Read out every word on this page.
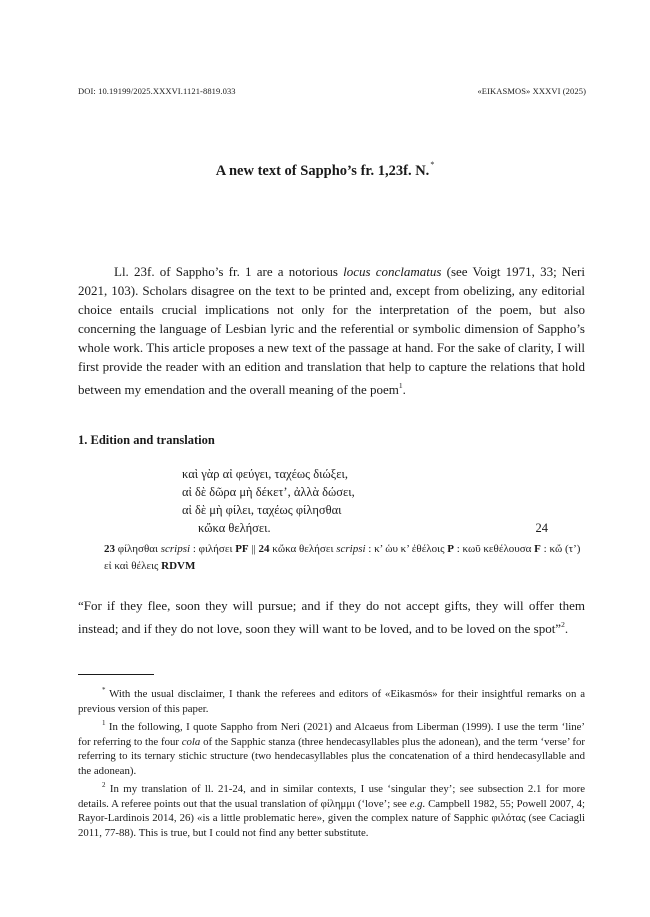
DOI: 10.19199/2025.XXXVI.1121-8819.033	«EIKASMOS» XXXVI (2025)
A new text of Sappho’s fr. 1,23f. N.*

Ll. 23f. of Sappho’s fr. 1 are a notorious locus conclamatus (see Voigt 1971, 33; Neri 2021, 103). Scholars disagree on the text to be printed and, except from obelizing, any editorial choice entails crucial implications not only for the interpretation of the poem, but also concerning the language of Lesbian lyric and the referential or symbolic dimension of Sappho’s whole work. This article proposes a new text of the passage at hand. For the sake of clarity, I will first provide the reader with an edition and translation that help to capture the relations that hold between my emendation and the overall meaning of the poem$^1$.

1. Edition and translation
καὶ γὰρ αἰ φεύγει, ταχέως διώξει,
αἰ δὲ δῶρα μὴ δέκετ’, ἀλλὰ δώσει,
αἰ δὲ μὴ φίλει, ταχέως φίλησθαι
κὤκα θελήσει.	24

23 φίλησθαι scripsi : φιλήσει PF || 24 κὤκα θελήσει scripsi : κ’ ὡυ κ’ ἐθέλοις P : κωῦ κεθέλουσα F : κὤ (τ’) εἰ καὶ θέλεις RDVM

“For if they flee, soon they will pursue; and if they do not accept gifts, they will offer them instead; and if they do not love, soon they will want to be loved, and to be loved on the spot”$^2$.

* With the usual disclaimer, I thank the referees and editors of «Eikasmós» for their insightful remarks on a previous version of this paper.

$^1$ In the following, I quote Sappho from Neri (2021) and Alcaeus from Liberman (1999). I use the term ‘line’ for referring to the four cola of the Sapphic stanza (three hendecasyllables plus the adonean), and the term ‘verse’ for referring to its ternary stichic structure (two hendecasyllables plus the concatenation of a third hendecasyllable and the adonean).

$^2$ In my translation of ll. 21-24, and in similar contexts, I use ‘singular they’; see subsection 2.1 for more details. A referee points out that the usual translation of φίλημμι (‘love’; see e.g. Campbell 1982, 55; Powell 2007, 4; Rayor-Lardinois 2014, 26) «is a little problematic here», given the complex nature of Sapphic φιλότας (see Caciagli 2011, 77-88). This is true, but I could not find any better substitute.
